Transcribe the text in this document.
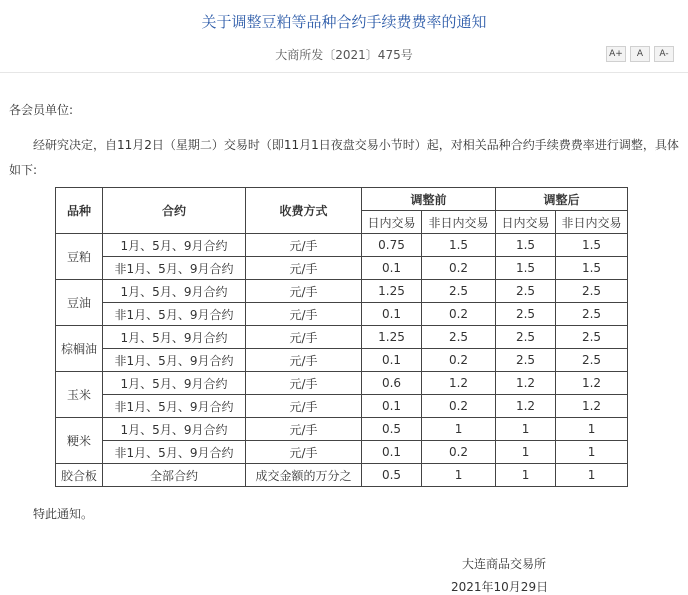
关于调整豆粕等品种合约手续费费率的通知
大商所发〔2021〕475号	A+	A	A-
各会员单位:
经研究决定，自11月2日（星期二）交易时（即11月1日夜盘交易小节时）起，对相关品种合约手续费费率进行调整，具体如下:
品种	合约	收费方式	调整前		调整后	
			日内交易	非日内交易	日内交易	非日内交易
豆粕	1月、5月、9月合约	元/手	0.75	1.5	1.5	1.5
	非1月、5月、9月合约	元/手	0.1	0.2	1.5	1.5
豆油	1月、5月、9月合约	元/手	1.25	2.5	2.5	2.5
	非1月、5月、9月合约	元/手	0.1	0.2	2.5	2.5
棕榈油	1月、5月、9月合约	元/手	1.25	2.5	2.5	2.5
	非1月、5月、9月合约	元/手	0.1	0.2	2.5	2.5
玉米	1月、5月、9月合约	元/手	0.6	1.2	1.2	1.2
	非1月、5月、9月合约	元/手	0.1	0.2	1.2	1.2
粳米	1月、5月、9月合约	元/手	0.5	1	1	1
	非1月、5月、9月合约	元/手	0.1	0.2	1	1
胶合板	全部合约	成交金额的万分之	0.5	1	1	1
特此通知。
大连商品交易所
2021年10月29日
